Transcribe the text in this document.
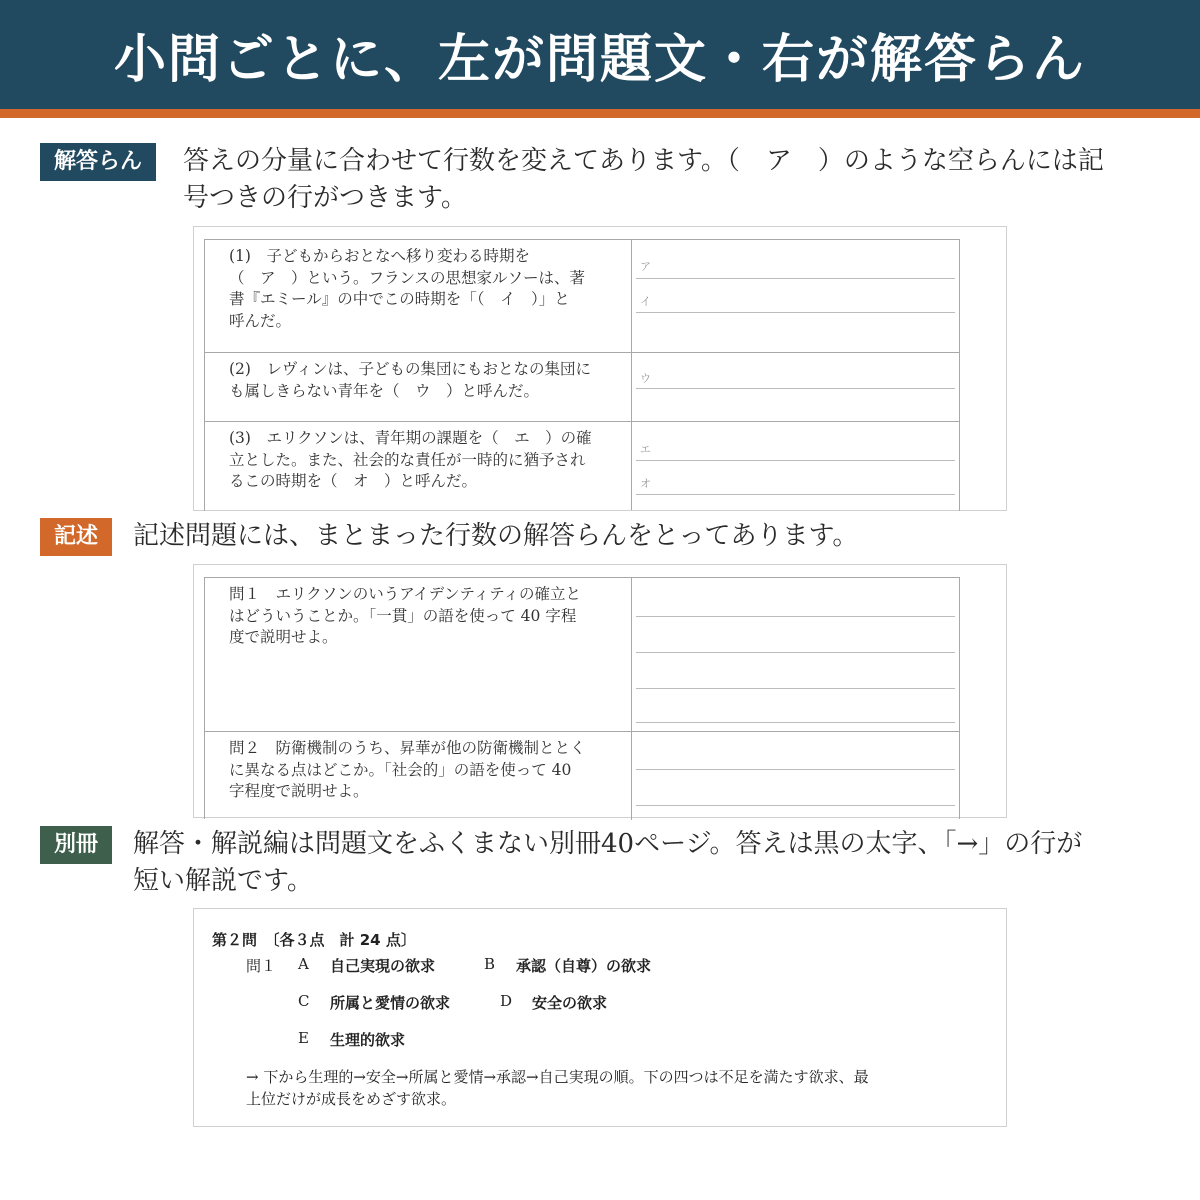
小問ごとに、左が問題文・右が解答らん
解答らん	答えの分量に合わせて行数を変えてあります。（　ア　）のような空らんには記
号つきの行がつきます。
(1)　子どもからおとなへ移り変わる時期を
（　ア　）という。フランスの思想家ルソーは、著
書『エミール』の中でこの時期を「（　イ　）」と
呼んだ。
ア
イ
(2)　レヴィンは、子どもの集団にもおとなの集団に
も属しきらない青年を（　ウ　）と呼んだ。
ウ
(3)　エリクソンは、青年期の課題を（　エ　）の確
立とした。また、社会的な責任が一時的に猶予され
るこの時期を（　オ　）と呼んだ。
エ
オ
記述	記述問題には、まとまった行数の解答らんをとってあります。
問１　エリクソンのいうアイデンティティの確立と
はどういうことか。「一貫」の語を使って 40 字程
度で説明せよ。
問２　防衛機制のうち、昇華が他の防衛機制ととく
に異なる点はどこか。「社会的」の語を使って 40
字程度で説明せよ。
別冊	解答・解説編は問題文をふくまない別冊40ページ。答えは黒の太字、「→」の行が
短い解説です。
第２問　〔各３点　計 24 点〕
問１ A 自己実現の欲求	B 承認（自尊）の欲求
C 所属と愛情の欲求	D 安全の欲求
E 生理的欲求
→ 下から生理的→安全→所属と愛情→承認→自己実現の順。下の四つは不足を満たす欲求、最
上位だけが成長をめざす欲求。
